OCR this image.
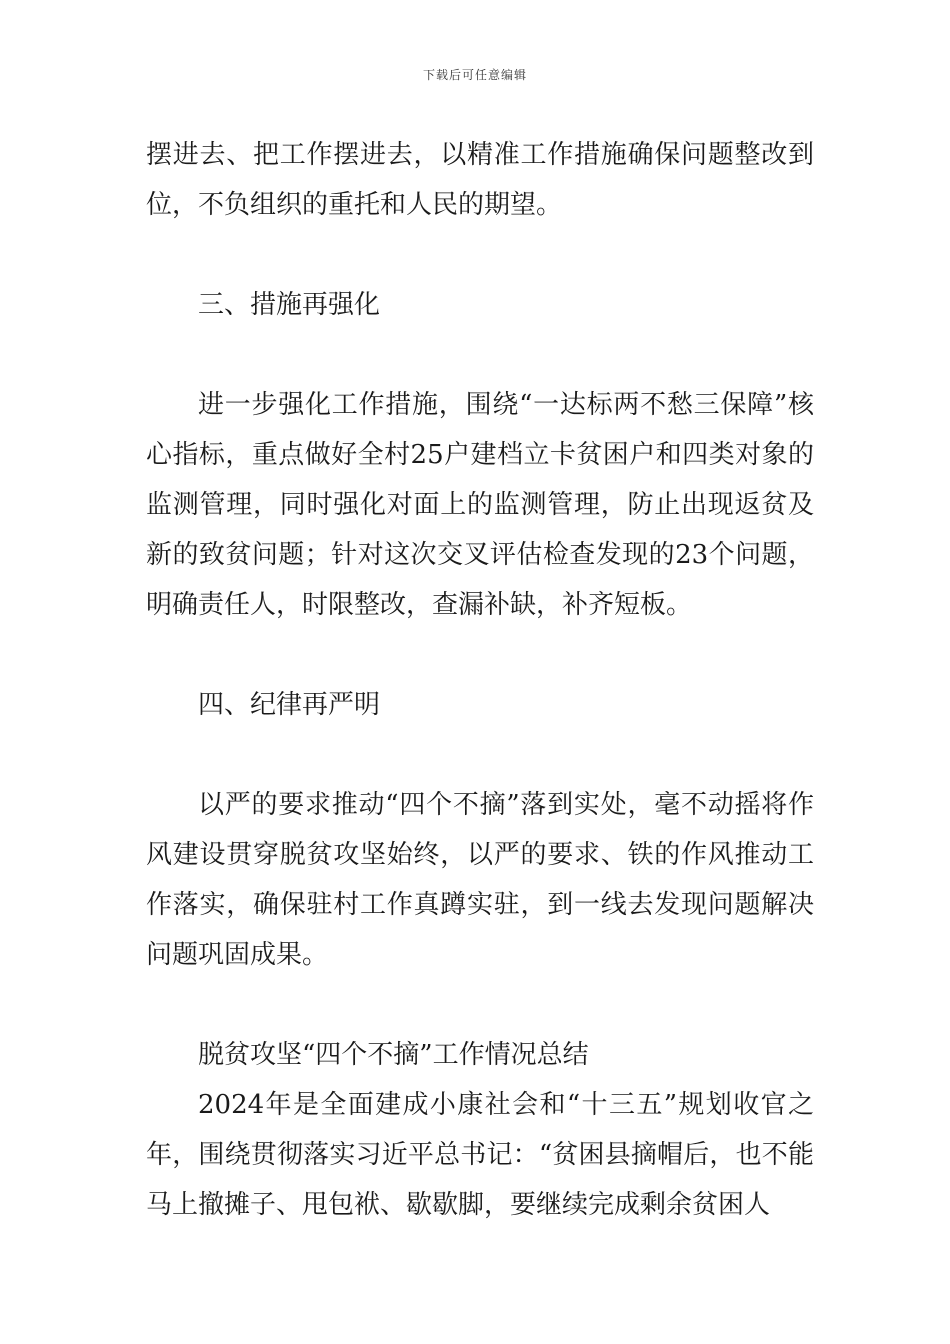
下载后可任意编辑

摆进去、把工作摆进去，以精准工作措施确保问题整改到位，不负组织的重托和人民的期望。

三、措施再强化

进一步强化工作措施，围绕“一达标两不愁三保障”核心指标，重点做好全村25户建档立卡贫困户和四类对象的监测管理，同时强化对面上的监测管理，防止出现返贫及新的致贫问题；针对这次交叉评估检查发现的23个问题，明确责任人，时限整改，查漏补缺，补齐短板。

四、纪律再严明

以严的要求推动“四个不摘”落到实处，毫不动摇将作风建设贯穿脱贫攻坚始终，以严的要求、铁的作风推动工作落实，确保驻村工作真蹲实驻，到一线去发现问题解决问题巩固成果。

脱贫攻坚“四个不摘”工作情况总结

2024年是全面建成小康社会和“十三五”规划收官之年，围绕贯彻落实习近平总书记：“贫困县摘帽后，也不能马上撤摊子、甩包袱、歇歇脚，要继续完成剩余贫困人
